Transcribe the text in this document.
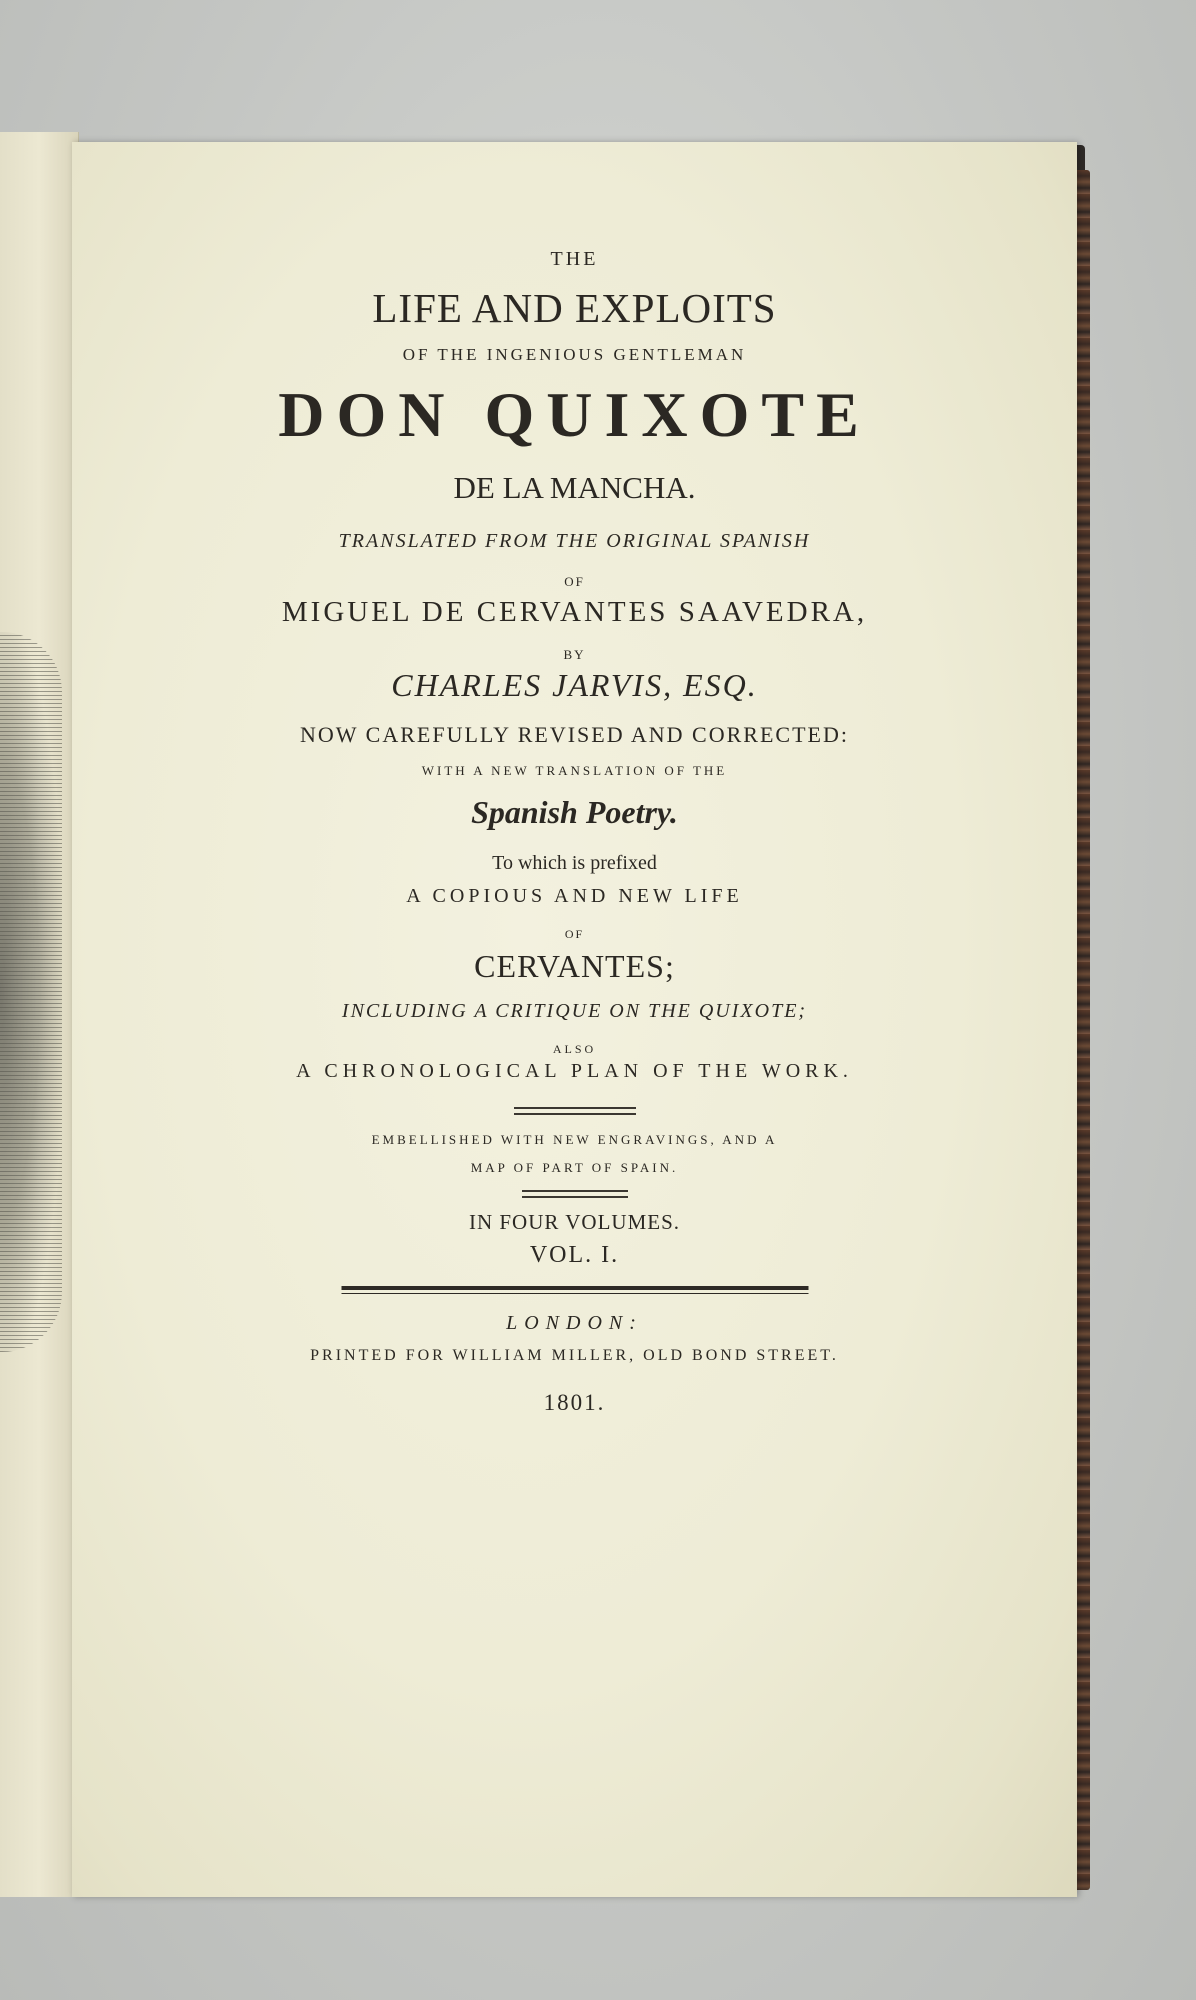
THE
LIFE AND EXPLOITS
OF THE INGENIOUS GENTLEMAN
DON QUIXOTE
DE LA MANCHA.
TRANSLATED FROM THE ORIGINAL SPANISH
OF
MIGUEL DE CERVANTES SAAVEDRA,
BY
CHARLES JARVIS, ESQ.
NOW CAREFULLY REVISED AND CORRECTED:
WITH A NEW TRANSLATION OF THE
Spanish Poetry.
To which is prefixed
A COPIOUS AND NEW LIFE
OF
CERVANTES;
INCLUDING A CRITIQUE ON THE QUIXOTE;
ALSO
A CHRONOLOGICAL PLAN OF THE WORK.
EMBELLISHED WITH NEW ENGRAVINGS, AND A
MAP OF PART OF SPAIN.
IN FOUR VOLUMES.
VOL. I.
LONDON:
PRINTED FOR WILLIAM MILLER, OLD BOND STREET.
1801.
